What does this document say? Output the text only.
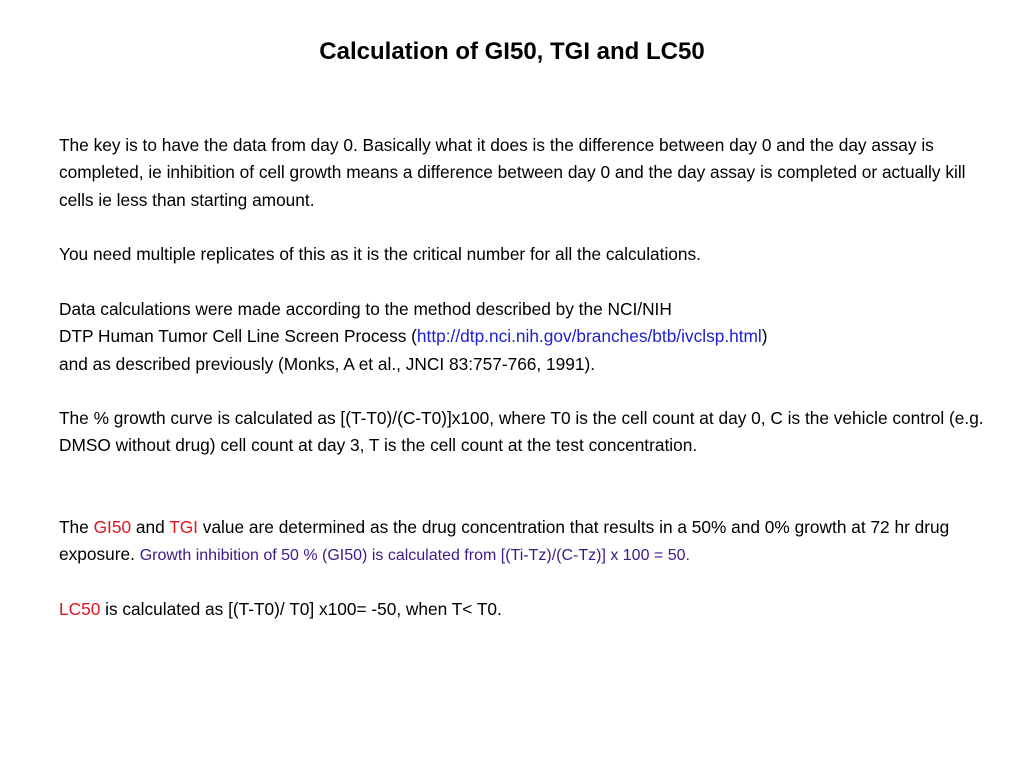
Calculation of GI50, TGI and LC50

The key is to have the data from day 0. Basically what it does is the difference between day 0 and the day assay is completed, ie inhibition of cell growth means a difference between day 0 and the day assay is completed or actually kill cells ie less than starting amount.

You need multiple replicates of this as it is the critical number for all the calculations.

Data calculations were made according to the method described by the NCI/NIH
DTP Human Tumor Cell Line Screen Process (http://dtp.nci.nih.gov/branches/btb/ivclsp.html)
and as described previously (Monks, A et al., JNCI 83:757-766, 1991).

The % growth curve is calculated as [(T-T0)/(C-T0)]x100, where T0 is the cell count at day 0, C is the vehicle control (e.g. DMSO without drug) cell count at day 3, T is the cell count at the test concentration.

The GI50 and TGI value are determined as the drug concentration that results in a 50% and 0% growth at 72 hr drug exposure. Growth inhibition of 50 % (GI50) is calculated from [(Ti-Tz)/(C-Tz)] x 100 = 50.

LC50 is calculated as [(T-T0)/ T0] x100= -50, when T< T0.
